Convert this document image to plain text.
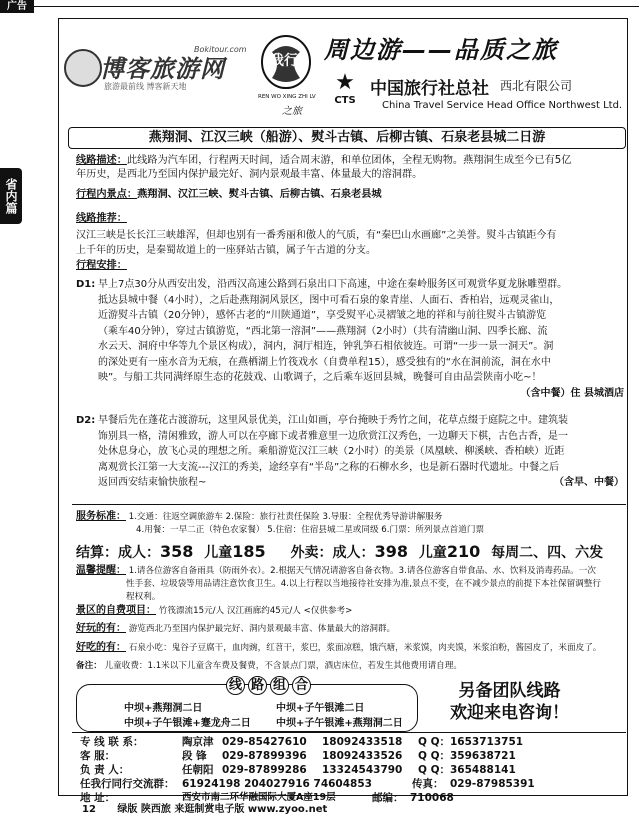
广告
省内篇
博客旅游网
Bokitour.com
旅游最前线 博客新天地
我行
REN WO XING ZHI LV
之旅
周边游——品质之旅
★
CTS
中国旅行社总社 西北有限公司
China Travel Service Head Office Northwest Ltd.
燕翔洞、江汉三峡（船游）、熨斗古镇、后柳古镇、石泉老县城二日游
线路描述：此线路为汽车团，行程两天时间，适合周末游，和单位团体，全程无购物。燕翔洞生成至今已有5亿
年历史，是西北乃至国内保护最完好、洞内景观最丰富、体量最大的溶洞群。
行程内景点：燕翔洞、汉江三峡、熨斗古镇、后柳古镇、石泉老县城
线路推荐：
汉江三峡是长长江三峡雄浑，但却也别有一番秀丽和傲人的气质，有“秦巴山水画廊”之美誉。熨斗古镇距今有
上千年的历史，是秦蜀故道上的一座驿站古镇，属子午古道的分支。
行程安排：
D1: 早上7点30分从西安出发，沿西汉高速公路到石泉出口下高速，中途在秦岭服务区可观赏华夏龙脉雕塑群。
抵达县城中餐（4小时），之后赴燕翔洞风景区，图中可看石泉的象青崖、人面石、香柏岩，远观灵雀山，
近游熨斗古镇（20分钟），感怀古老的“川陕通道”，享受熨平心灵褶皱之地的祥和与前往熨斗古镇游览
（乘车40分钟），穿过古镇游览，“西北第一溶洞”——燕翔洞（2小时）（共有清幽山洞、四季长廊、流
水云天、洞府中华等九个景区构成），洞内，洞厅相连，钟乳笋石相依彼连。可谓“一步一景一洞天”。洞
的深处更有一座水音为无痕，在燕栖湖上竹筏戏水（自费单程15），感受独有的“水在洞前流，洞在水中
映”。与船工共同满绎原生态的花鼓戏、山歌调子，之后乘车返回县城，晚餐可自由品尝陕南小吃~！
（含中餐）住 县城酒店
D2: 早餐后先在蓬花古渡游玩，这里风景优美，江山如画，亭台掩映于秀竹之间，花草点缀于庭院之中。建筑装
饰别具一格，清闲雅致，游人可以在亭廊下或者雅意里一边欣赏江汉秀色，一边聊天下棋，古色古香，是一
处休息身心，放飞心灵的理想之所。乘船游览汉江三峡（2小时）的美景（凤凰峡、柳溪峡、香柏峡）近距
离观赏长江第一大支流---汉江的秀美，途经享有“半岛”之称的石柳水乡，也是新石器时代遗址。中餐之后
返回西安结束愉快旅程~	（含早、中餐）
服务标准： 1.交通：往返空调旅游车 2.保险：旅行社责任保险 3.导服：全程优秀导游讲解服务
4.用餐：一早二正（特色农家餐） 5.住宿：住宿县城二星或同级 6.门票：所列景点首道门票
结算：成人：358 儿童185 外卖：成人：398 儿童210 每周二、四、六发
温馨提醒： 1.请各位游客自备雨具（防雨外衣）。2.根据天气情况请游客自备衣物。3.请各位游客自带食品、水、饮料及消毒药品。一次
性手套、垃圾袋等用品请注意饮食卫生。4.以上行程以当地接待社安排为准,景点不变，在不减少景点的前提下本社保留调整行
程权利。
景区的自费项目： 竹筏漂流15元/人 汉江画廊约45元/人 <仅供参考>
好玩的有： 游览西北乃至国内保护最完好、洞内景观最丰富、体量最大的溶洞群。
好吃的有： 石泉小吃：鬼谷子豆腐干，血肉豌，红苕干，浆巴，浆面凉糕，饿汽塘，米浆馍，肉夹馍，米浆泊粉，酱园皮了，米面皮了。
备注： 儿童收费：1.1米以下儿童含车费及餐费，不含景点门票，酒店床位，若发生其他费用请自理。
线 路 组 合
中坝+燕翔洞二日	中坝+子午银滩二日
中坝+子午银滩+蹇龙舟二日	中坝+子午银滩+燕翔洞二日
另备团队线路
欢迎来电咨询！
专 线 联 系：	陶京津 029-85427610 18092433518 Q Q： 1653713751
客 服：	段 锋 029-87899396 18092433526 Q Q： 359638721
负 责 人：	任朝阳 029-87899286 13324543790 Q Q： 365488141
任我行同行交流群： 61924198 204027916 74604853	传真： 029-87985391
地 址：	西安市南二环华融国际大厦A座19层	邮编： 710068
12 绿版 陕西旅 来逛制赏电子版 www.zyoo.net
